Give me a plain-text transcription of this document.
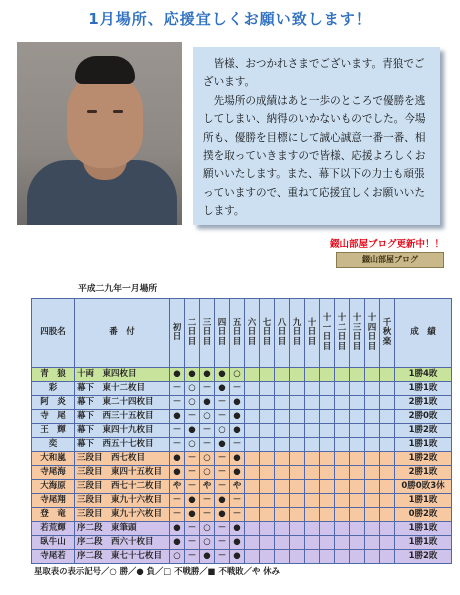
1月場所、応援宜しくお願い致します！

皆様、おつかれさまでございます。青狼でございます。

先場所の成績はあと一歩のところで優勝を逃してしまい、納得のいかないものでした。今場所も、優勝を目標にして誠心誠意一番一番、相撲を取っていきますので皆様、応援よろしくお願いいたします。また、幕下以下の力士も頑張っていますので、重ねて応援宜しくお願いいたします。

錣山部屋ブログ更新中！！
錣山部屋ブログ
平成二九年一月場所
四股名	番　付	初日	二日目	三日目	四日目	五日目	六日目	七日目	八日目	九日目	十日目	十一日目	十二日目	十三日目	十四日目	千秋楽	成　績
青　狼	十両　東四枚目	●	●	●	●	○											1勝4敗
彩	幕下　東十二枚目	－	○	－	●	－											1勝1敗
阿　炎	幕下　東二十四枚目	－	○	●	－	●											2勝1敗
寺　尾	幕下　西三十五枚目	●	－	○	－	●											2勝0敗
王　輝	幕下　東四十九枚目	－	●	－	○	●											1勝2敗
奕	幕下　西五十七枚目	－	○	－	●	－											1勝1敗
大和嵐	三段目　西七枚目	●	－	○	－	●											1勝2敗
寺尾海	三段目　東四十五枚目	●	－	○	－	●											2勝1敗
大海原	三段目　西七十二枚目	や	－	や	－	や											0勝0敗3休
寺尾翔	三段目　東九十六枚目	－	●	－	●	－											1勝1敗
登　竜	三段目　東九十六枚目	－	●	－	●	－											0勝2敗
若荒輝	序二段　東筆頭	●	－	○	－	●											1勝1敗
臥牛山	序二段　西六十枚目	●	－	○	－	●											1勝1敗
寺尾若	序二段　東七十七枚目	○	－	●	－	●											1勝2敗
星取表の表示記号／○ 勝／● 負／□ 不戦勝／■ 不戦敗／や 休み
